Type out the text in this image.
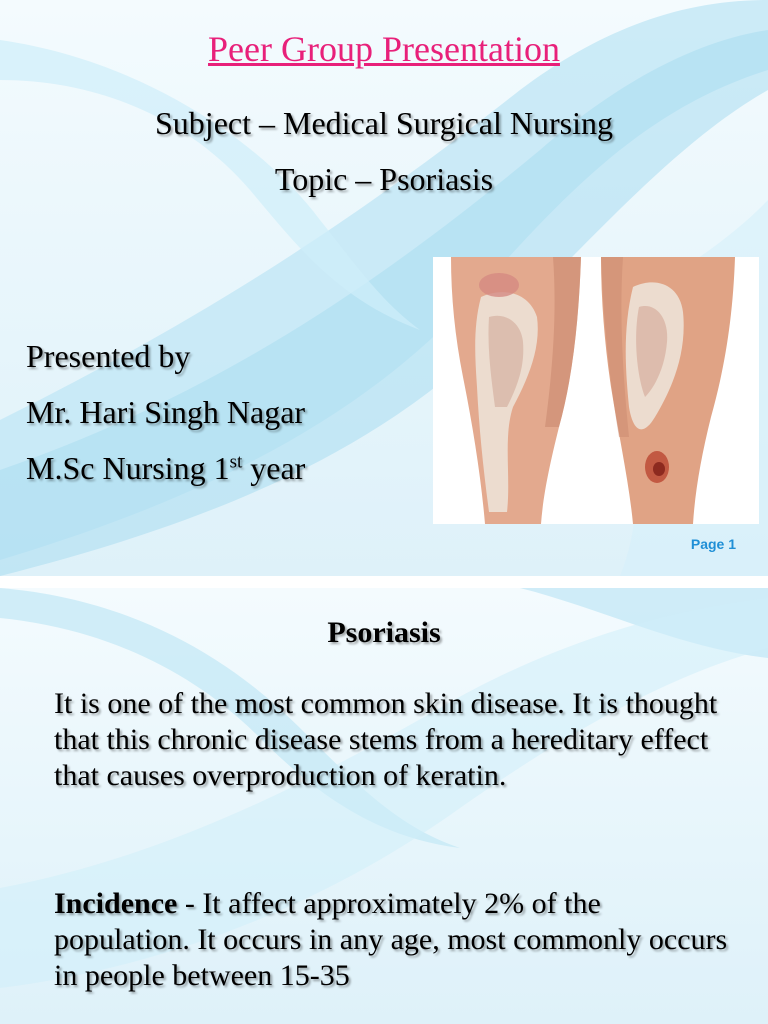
Peer Group Presentation
Subject – Medical Surgical Nursing
Topic – Psoriasis
Presented by
Mr. Hari Singh Nagar
M.Sc Nursing 1st year
Page 1
Psoriasis

It is one of the most common skin disease. It is thought that this chronic disease stems from a hereditary effect that causes overproduction of keratin.

Incidence - It affect approximately 2% of the population. It occurs in any age, most commonly occurs in people between 15-35
